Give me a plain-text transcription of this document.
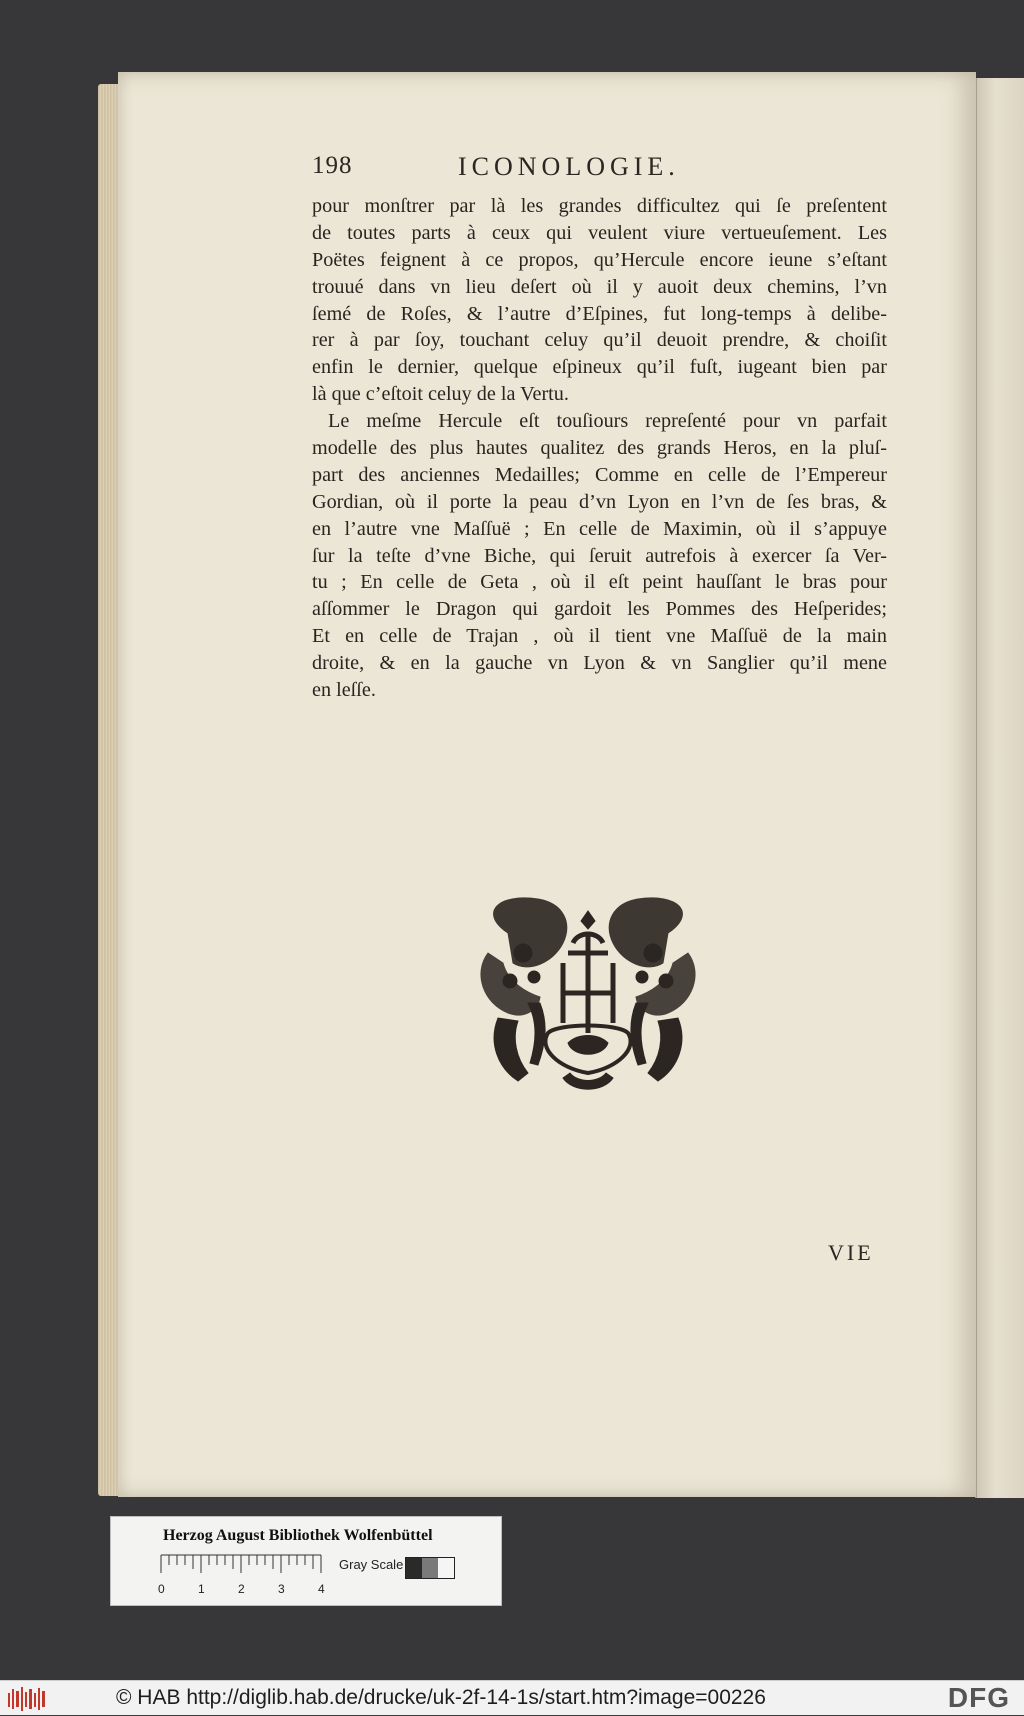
198	ICONOLOGIE.
pour monſtrer par là les grandes difficultez qui ſe preſentent
de toutes parts à ceux qui veulent viure vertueuſement. Les
Poëtes feignent à ce propos, qu’Hercule encore ieune s’eſtant
trouué dans vn lieu deſert où il y auoit deux chemins, l’vn
ſemé de Roſes, & l’autre d’Eſpines, fut long-temps à delibe-
rer à par ſoy, touchant celuy qu’il deuoit prendre, & choiſit
enfin le dernier, quelque eſpineux qu’il fuſt, iugeant bien par
là que c’eſtoit celuy de la Vertu.
Le meſme Hercule eſt touſiours repreſenté pour vn parfait
modelle des plus hautes qualitez des grands Heros, en la pluſ-
part des anciennes Medailles; Comme en celle de l’Empereur
Gordian, où il porte la peau d’vn Lyon en l’vn de ſes bras, &
en l’autre vne Maſſuë ; En celle de Maximin, où il s’appuye
ſur la teſte d’vne Biche, qui ſeruit autrefois à exercer ſa Ver-
tu ; En celle de Geta , où il eſt peint hauſſant le bras pour
aſſommer le Dragon qui gardoit les Pommes des Heſperides;
Et en celle de Trajan , où il tient vne Maſſuë de la main
droite, & en la gauche vn Lyon & vn Sanglier qu’il mene
en leſſe.
VIE
Herzog August Bibliothek Wolfenbüttel
0	1	2	3	4
Gray Scale
© HAB http://diglib.hab.de/drucke/uk-2f-14-1s/start.htm?image=00226	DFG
